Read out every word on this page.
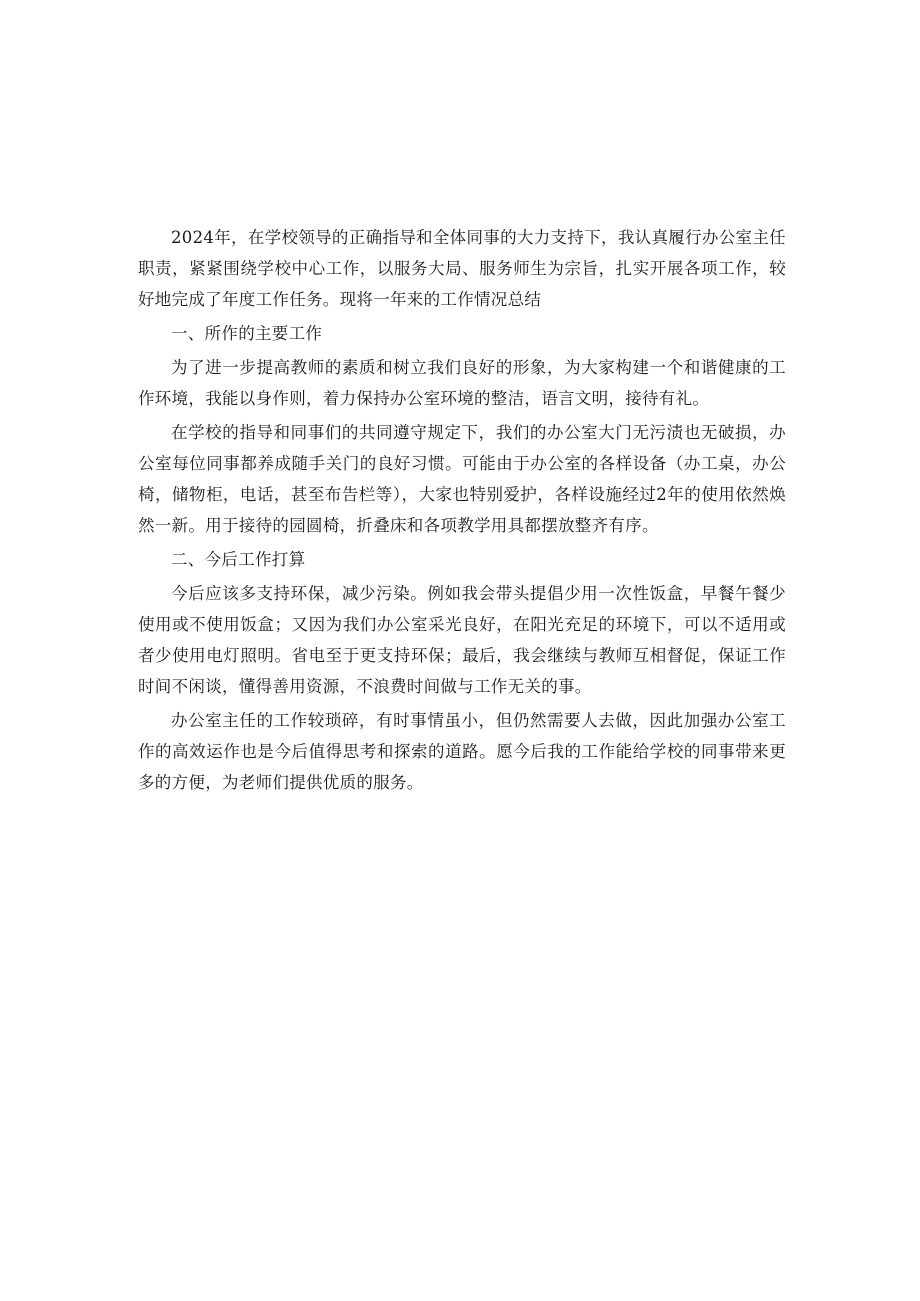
2024年，在学校领导的正确指导和全体同事的大力支持下，我认真履行办公室主任职责，紧紧围绕学校中心工作，以服务大局、服务师生为宗旨，扎实开展各项工作，较好地完成了年度工作任务。现将一年来的工作情况总结

一、所作的主要工作

为了进一步提高教师的素质和树立我们良好的形象，为大家构建一个和谐健康的工作环境，我能以身作则，着力保持办公室环境的整洁，语言文明，接待有礼。

在学校的指导和同事们的共同遵守规定下，我们的办公室大门无污渍也无破损，办公室每位同事都养成随手关门的良好习惯。可能由于办公室的各样设备（办工桌，办公椅，储物柜，电话，甚至布告栏等），大家也特别爱护，各样设施经过2年的使用依然焕然一新。用于接待的园圆椅，折叠床和各项教学用具都摆放整齐有序。

二、今后工作打算

今后应该多支持环保，减少污染。例如我会带头提倡少用一次性饭盒，早餐午餐少使用或不使用饭盒；又因为我们办公室采光良好，在阳光充足的环境下，可以不适用或者少使用电灯照明。省电至于更支持环保；最后，我会继续与教师互相督促，保证工作时间不闲谈，懂得善用资源，不浪费时间做与工作无关的事。

办公室主任的工作较琐碎，有时事情虽小，但仍然需要人去做，因此加强办公室工作的高效运作也是今后值得思考和探索的道路。愿今后我的工作能给学校的同事带来更多的方便，为老师们提供优质的服务。
